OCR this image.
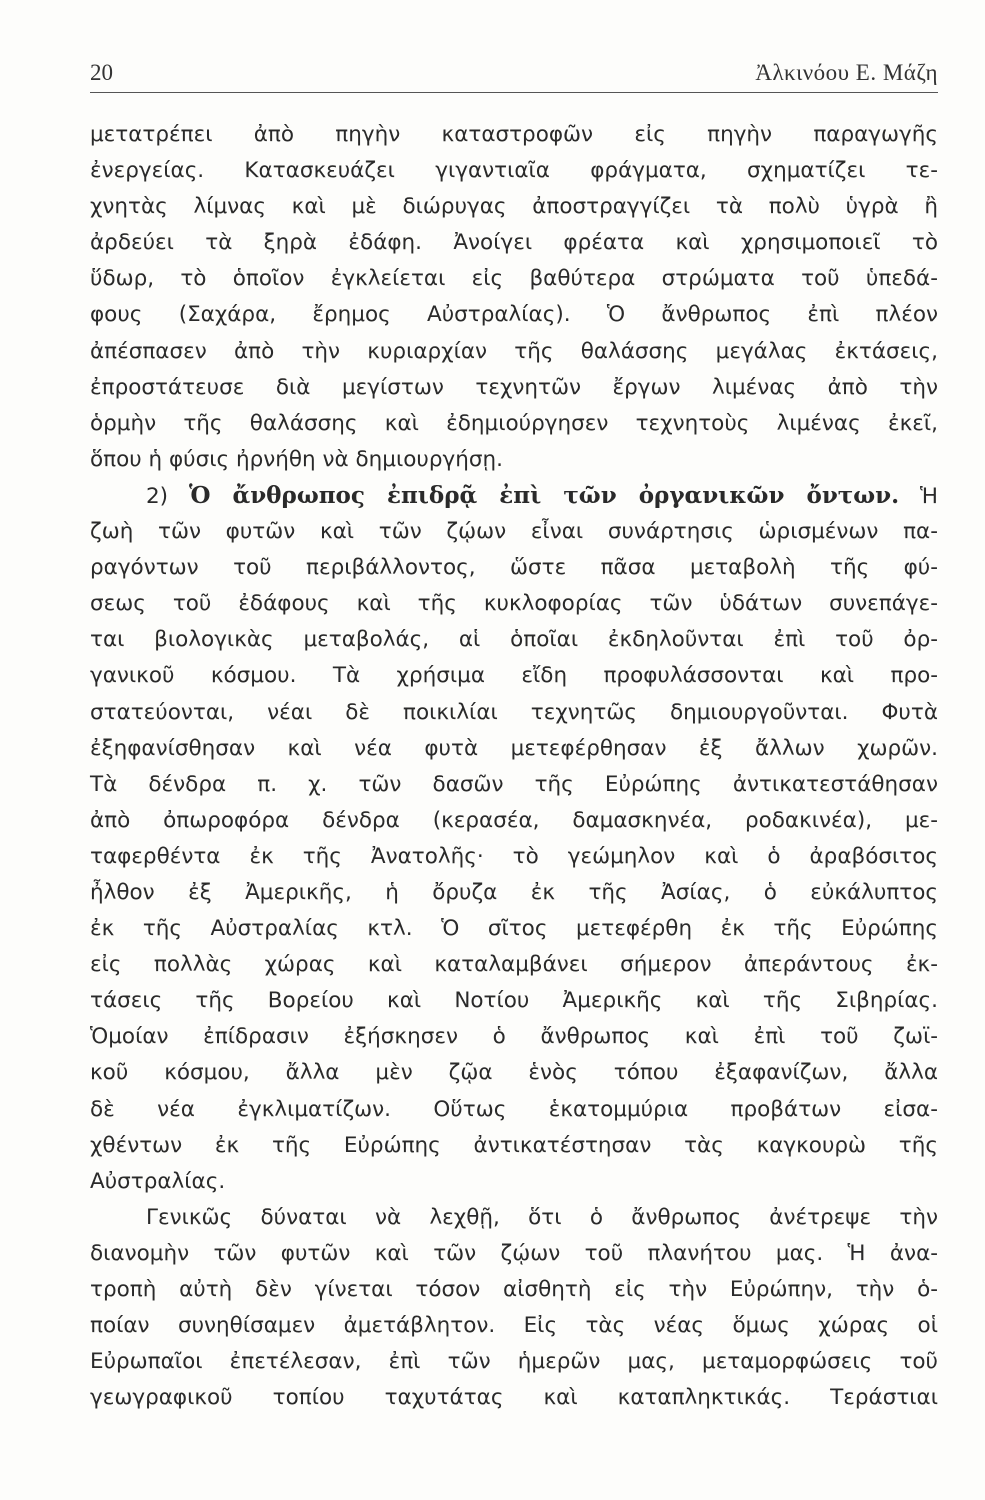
20	Ἀλκινόου Ε. Μάζη
μετατρέπει ἀπὸ πηγὴν καταστροφῶν εἰς πηγὴν παραγωγῆς
ἐνεργείας. Κατασκευάζει γιγαντιαῖα φράγματα, σχηματίζει τε-
χνητὰς λίμνας καὶ μὲ διώρυγας ἀποστραγγίζει τὰ πολὺ ὑγρὰ ἢ
ἀρδεύει τὰ ξηρὰ ἐδάφη. Ἀνοίγει φρέατα καὶ χρησιμοποιεῖ τὸ
ὕδωρ, τὸ ὁποῖον ἐγκλείεται εἰς βαθύτερα στρώματα τοῦ ὑπεδά-
φους (Σαχάρα, ἔρημος Αὐστραλίας). Ὁ ἄνθρωπος ἐπὶ πλέον
ἀπέσπασεν ἀπὸ τὴν κυριαρχίαν τῆς θαλάσσης μεγάλας ἐκτάσεις,
ἐπροστάτευσε διὰ μεγίστων τεχνητῶν ἔργων λιμένας ἀπὸ τὴν
ὁρμὴν τῆς θαλάσσης καὶ ἐδημιούργησεν τεχνητοὺς λιμένας ἐκεῖ,
ὅπου ἡ φύσις ἠρνήθη νὰ δημιουργήσῃ.
2) Ὁ ἄνθρωπος ἐπιδρᾷ ἐπὶ τῶν ὀργανικῶν ὄντων. Ἡ
ζωὴ τῶν φυτῶν καὶ τῶν ζῴων εἶναι συνάρτησις ὡρισμένων πα-
ραγόντων τοῦ περιβάλλοντος, ὥστε πᾶσα μεταβολὴ τῆς φύ-
σεως τοῦ ἐδάφους καὶ τῆς κυκλοφορίας τῶν ὑδάτων συνεπάγε-
ται βιολογικὰς μεταβολάς, αἱ ὁποῖαι ἐκδηλοῦνται ἐπὶ τοῦ ὀρ-
γανικοῦ κόσμου. Τὰ χρήσιμα εἴδη προφυλάσσονται καὶ προ-
στατεύονται, νέαι δὲ ποικιλίαι τεχνητῶς δημιουργοῦνται. Φυτὰ
ἐξηφανίσθησαν καὶ νέα φυτὰ μετεφέρθησαν ἐξ ἄλλων χωρῶν.
Τὰ δένδρα π. χ. τῶν δασῶν τῆς Εὐρώπης ἀντικατεστάθησαν
ἀπὸ ὀπωροφόρα δένδρα (κερασέα, δαμασκηνέα, ροδακινέα), με-
ταφερθέντα ἐκ τῆς Ἀνατολῆς· τὸ γεώμηλον καὶ ὁ ἀραβόσιτος
ἦλθον ἐξ Ἀμερικῆς, ἡ ὄρυζα ἐκ τῆς Ἀσίας, ὁ εὐκάλυπτος
ἐκ τῆς Αὐστραλίας κτλ. Ὁ σῖτος μετεφέρθη ἐκ τῆς Εὐρώπης
εἰς πολλὰς χώρας καὶ καταλαμβάνει σήμερον ἀπεράντους ἐκ-
τάσεις τῆς Βορείου καὶ Νοτίου Ἀμερικῆς καὶ τῆς Σιβηρίας.
Ὁμοίαν ἐπίδρασιν ἐξήσκησεν ὁ ἄνθρωπος καὶ ἐπὶ τοῦ ζωϊ-
κοῦ κόσμου, ἄλλα μὲν ζῷα ἑνὸς τόπου ἐξαφανίζων, ἄλλα
δὲ νέα ἐγκλιματίζων. Οὕτως ἑκατομμύρια προβάτων εἰσα-
χθέντων ἐκ τῆς Εὐρώπης ἀντικατέστησαν τὰς καγκουρὼ τῆς
Αὐστραλίας.
Γενικῶς δύναται νὰ λεχθῇ, ὅτι ὁ ἄνθρωπος ἀνέτρεψε τὴν
διανομὴν τῶν φυτῶν καὶ τῶν ζῴων τοῦ πλανήτου μας. Ἡ ἀνα-
τροπὴ αὐτὴ δὲν γίνεται τόσον αἰσθητὴ εἰς τὴν Εὐρώπην, τὴν ὁ-
ποίαν συνηθίσαμεν ἀμετάβλητον. Εἰς τὰς νέας ὅμως χώρας οἱ
Εὐρωπαῖοι ἐπετέλεσαν, ἐπὶ τῶν ἡμερῶν μας, μεταμορφώσεις τοῦ
γεωγραφικοῦ τοπίου ταχυτάτας καὶ καταπληκτικάς. Τεράστιαι
